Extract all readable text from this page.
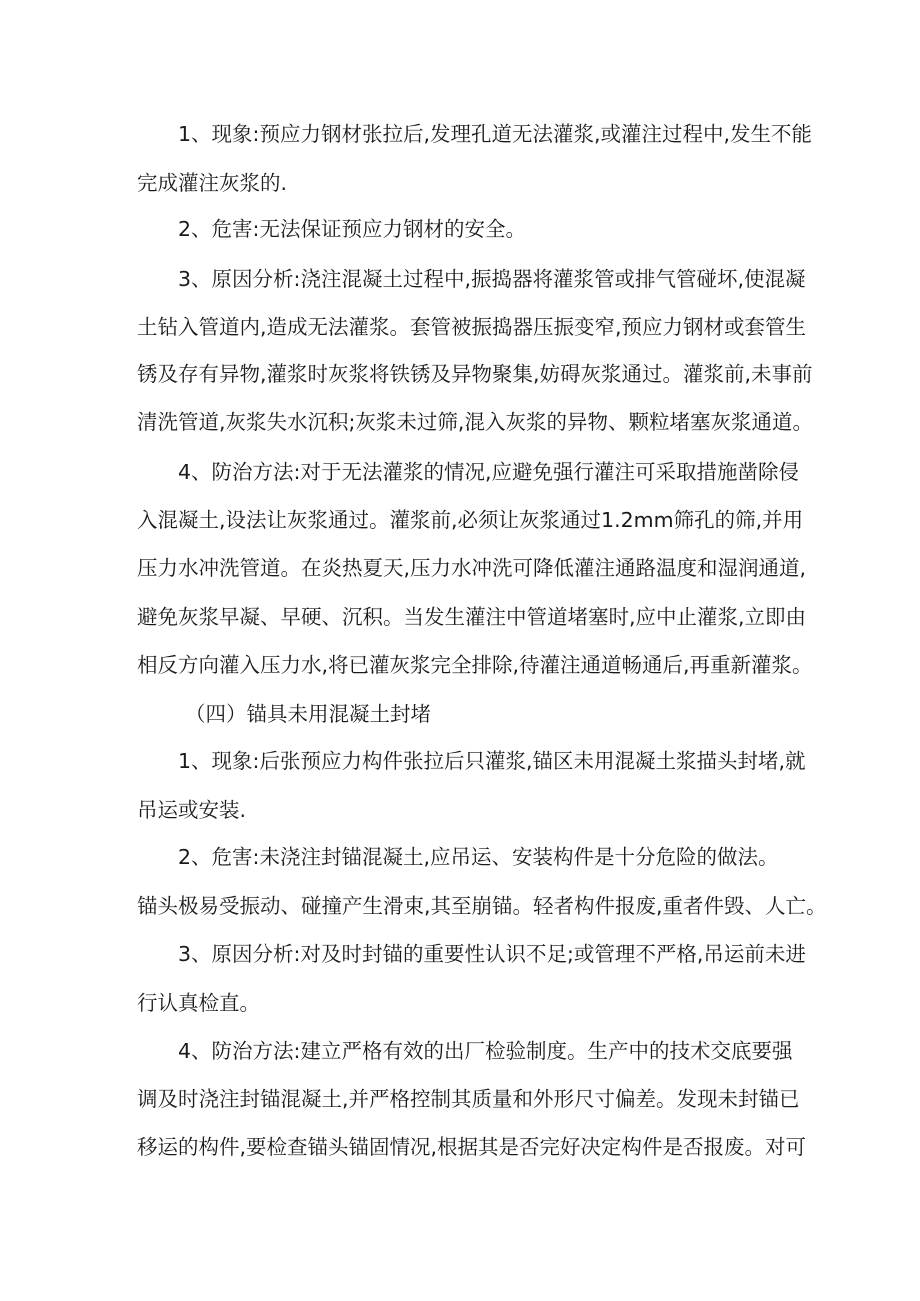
1、现象:预应力钢材张拉后,发理孔道无法灌浆,或灌注过程中,发生不能
完成灌注灰浆的.
2、危害:无法保证预应力钢材的安全。
3、原因分析:浇注混凝土过程中,振捣器将灌浆管或排气管碰坏,使混凝
土钻入管道内,造成无法灌浆。套管被振捣器压振变窄,预应力钢材或套管生
锈及存有异物,灌浆时灰浆将铁锈及异物聚集,妨碍灰浆通过。灌浆前,未事前
清洗管道,灰浆失水沉积;灰浆未过筛,混入灰浆的异物、颗粒堵塞灰浆通道。
4、防治方法:对于无法灌浆的情况,应避免强行灌注可采取措施凿除侵
入混凝土,设法让灰浆通过。灌浆前,必须让灰浆通过1.2mm筛孔的筛,并用
压力水冲洗管道。在炎热夏天,压力水冲洗可降低灌注通路温度和湿润通道,
避免灰浆早凝、早硬、沉积。当发生灌注中管道堵塞时,应中止灌浆,立即由
相反方向灌入压力水,将已灌灰浆完全排除,待灌注通道畅通后,再重新灌浆。
（四）锚具未用混凝土封堵
1、现象:后张预应力构件张拉后只灌浆,锚区未用混凝土浆描头封堵,就
吊运或安装.
2、危害:未浇注封锚混凝土,应吊运、安装构件是十分危险的做法。
锚头极易受振动、碰撞产生滑束,其至崩锚。轻者构件报废,重者件毁、人亡。
3、原因分析:对及时封锚的重要性认识不足;或管理不严格,吊运前未进
行认真检直。
4、防治方法:建立严格有效的出厂检验制度。生产中的技术交底要强
调及时浇注封锚混凝土,并严格控制其质量和外形尺寸偏差。发现未封锚已
移运的构件,要检查锚头锚固情况,根据其是否完好决定构件是否报废。对可
